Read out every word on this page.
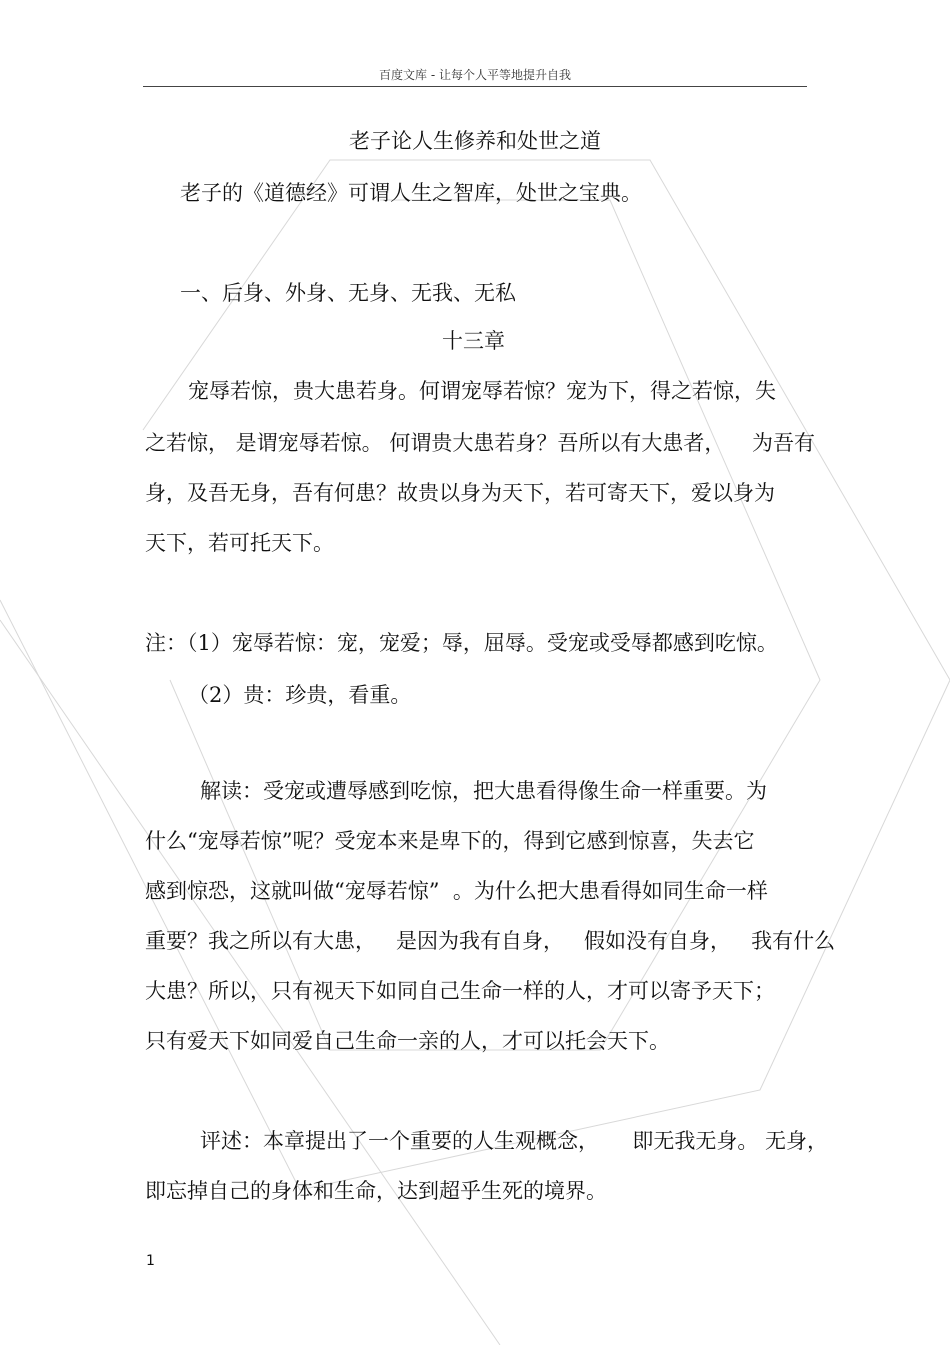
百度文库 - 让每个人平等地提升自我
老子论人生修养和处世之道
老子的《道德经》可谓人生之智库，处世之宝典。
一、后身、外身、无身、无我、无私
十三章
宠辱若惊，贵大患若身。何谓宠辱若惊？宠为下，得之若惊，失
之若惊， 是谓宠辱若惊。 何谓贵大患若身？吾所以有大患者，    为吾有
身，及吾无身，吾有何患？故贵以身为天下，若可寄天下，爱以身为
天下，若可托天下。
注：（1）宠辱若惊：宠，宠爱；辱，屈辱。受宠或受辱都感到吃惊。
（2）贵：珍贵，看重。
解读：受宠或遭辱感到吃惊，把大患看得像生命一样重要。为
什么“宠辱若惊”呢？受宠本来是卑下的，得到它感到惊喜，失去它
感到惊恐，这就叫做“宠辱若惊”  。为什么把大患看得如同生命一样
重要？我之所以有大患，   是因为我有自身，   假如没有自身，   我有什么
大患？所以，只有视天下如同自己生命一样的人，才可以寄予天下；
只有爱天下如同爱自己生命一亲的人，才可以托会天下。
评述：本章提出了一个重要的人生观概念，     即无我无身。 无身，
即忘掉自己的身体和生命，达到超乎生死的境界。
1
